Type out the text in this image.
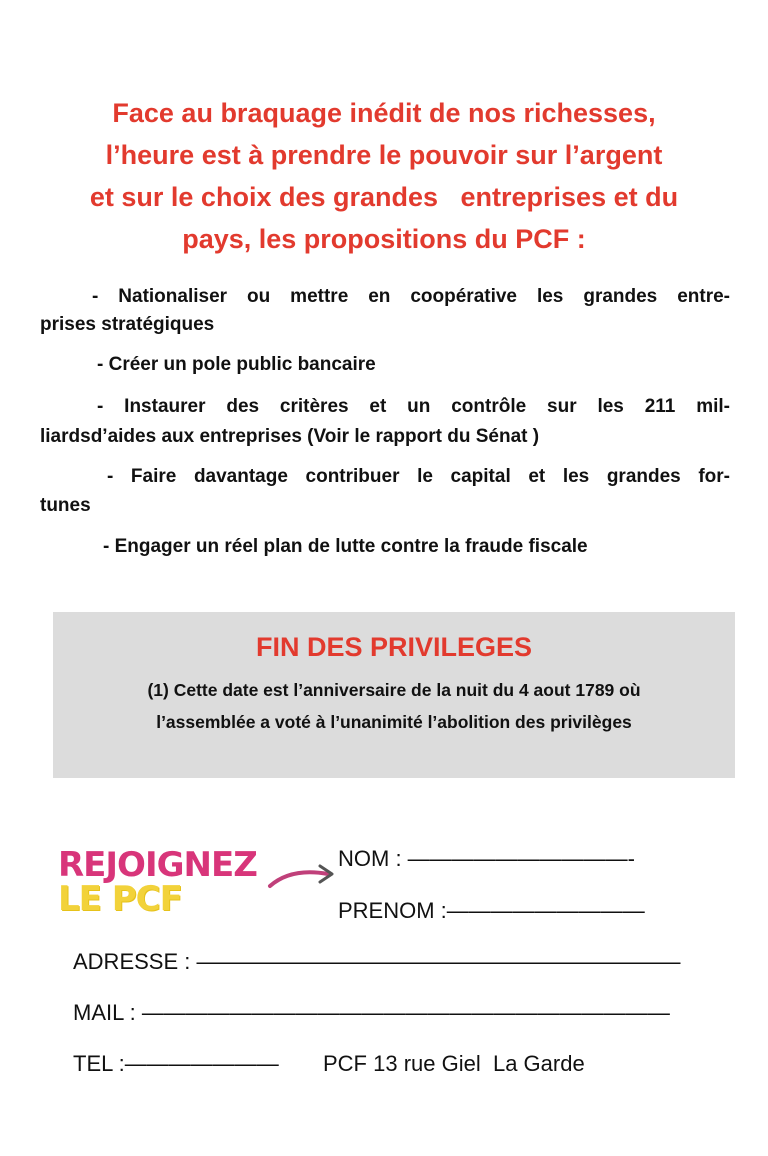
Face au braquage inédit de nos richesses,
l’heure est à prendre le pouvoir sur l’argent
et sur le choix des grandes   entreprises et du
pays, les propositions du PCF :
- Nationaliser ou mettre en coopérative les grandes entre-
prises stratégiques
- Créer un pole public bancaire
- Instaurer des critères et un contrôle sur les 211 mil-
liardsd’aides aux entreprises (Voir le rapport du Sénat )
- Faire davantage contribuer le capital et les grandes for-
tunes
- Engager un réel plan de lutte contre la fraude fiscale
FIN DES PRIVILEGES
(1) Cette date est l’anniversaire de la nuit du 4 aout 1789 où
l’assemblée a voté à l’unanimité l’abolition des privilèges
REJOIGNEZ
LE PCF
NOM : ——————————-
PRENOM :—————————
ADRESSE : ——————————————————————
MAIL : ————————————————————————
TEL :——————— PCF 13 rue Giel  La Garde
